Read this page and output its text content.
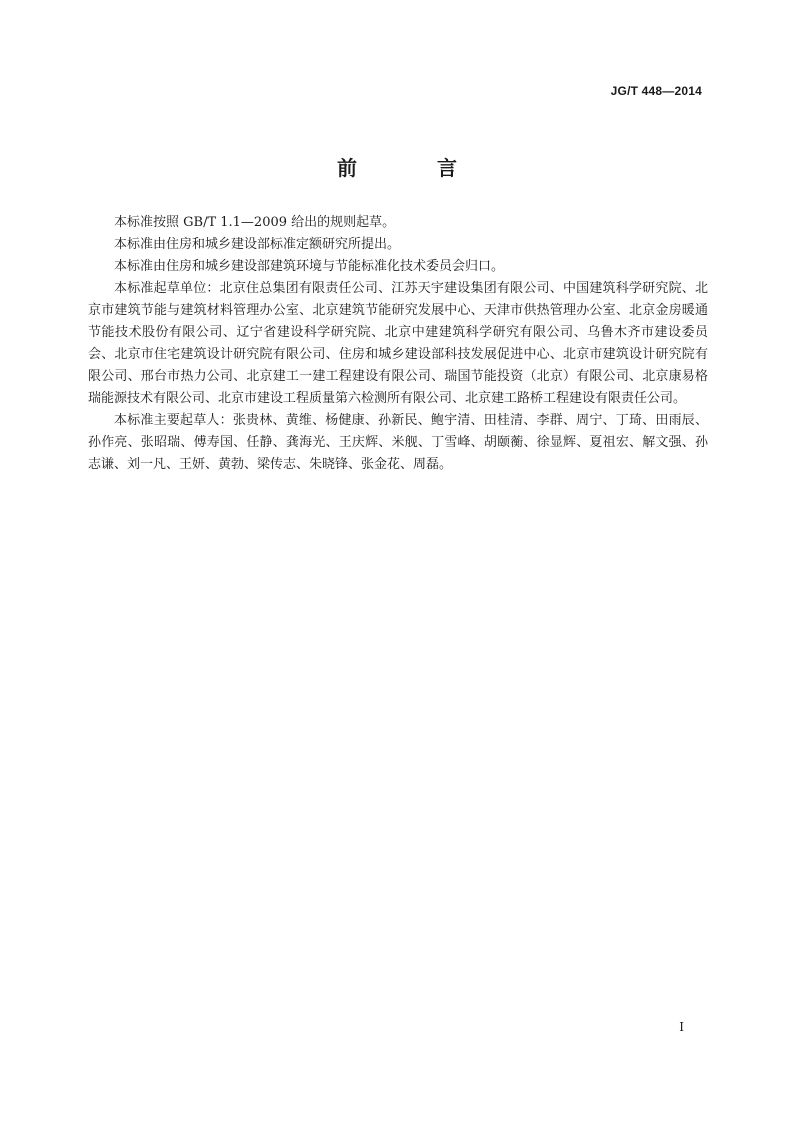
JG/T 448—2014

前　言

本标准按照 GB/T 1.1—2009 给出的规则起草。

本标准由住房和城乡建设部标准定额研究所提出。

本标准由住房和城乡建设部建筑环境与节能标准化技术委员会归口。

本标准起草单位：北京住总集团有限责任公司、江苏天宇建设集团有限公司、中国建筑科学研究院、北京市建筑节能与建筑材料管理办公室、北京建筑节能研究发展中心、天津市供热管理办公室、北京金房暖通节能技术股份有限公司、辽宁省建设科学研究院、北京中建建筑科学研究有限公司、乌鲁木齐市建设委员会、北京市住宅建筑设计研究院有限公司、住房和城乡建设部科技发展促进中心、北京市建筑设计研究院有限公司、邢台市热力公司、北京建工一建工程建设有限公司、瑞国节能投资（北京）有限公司、北京康易格瑞能源技术有限公司、北京市建设工程质量第六检测所有限公司、北京建工路桥工程建设有限责任公司。

本标准主要起草人：张贵林、黄维、杨健康、孙新民、鲍宇清、田桂清、李群、周宁、丁琦、田雨辰、孙作亮、张昭瑞、傅寿国、任静、龚海光、王庆辉、米舰、丁雪峰、胡颐蘅、徐显辉、夏祖宏、解文强、孙志谦、刘一凡、王妍、黄勃、梁传志、朱晓锋、张金花、周磊。

I
